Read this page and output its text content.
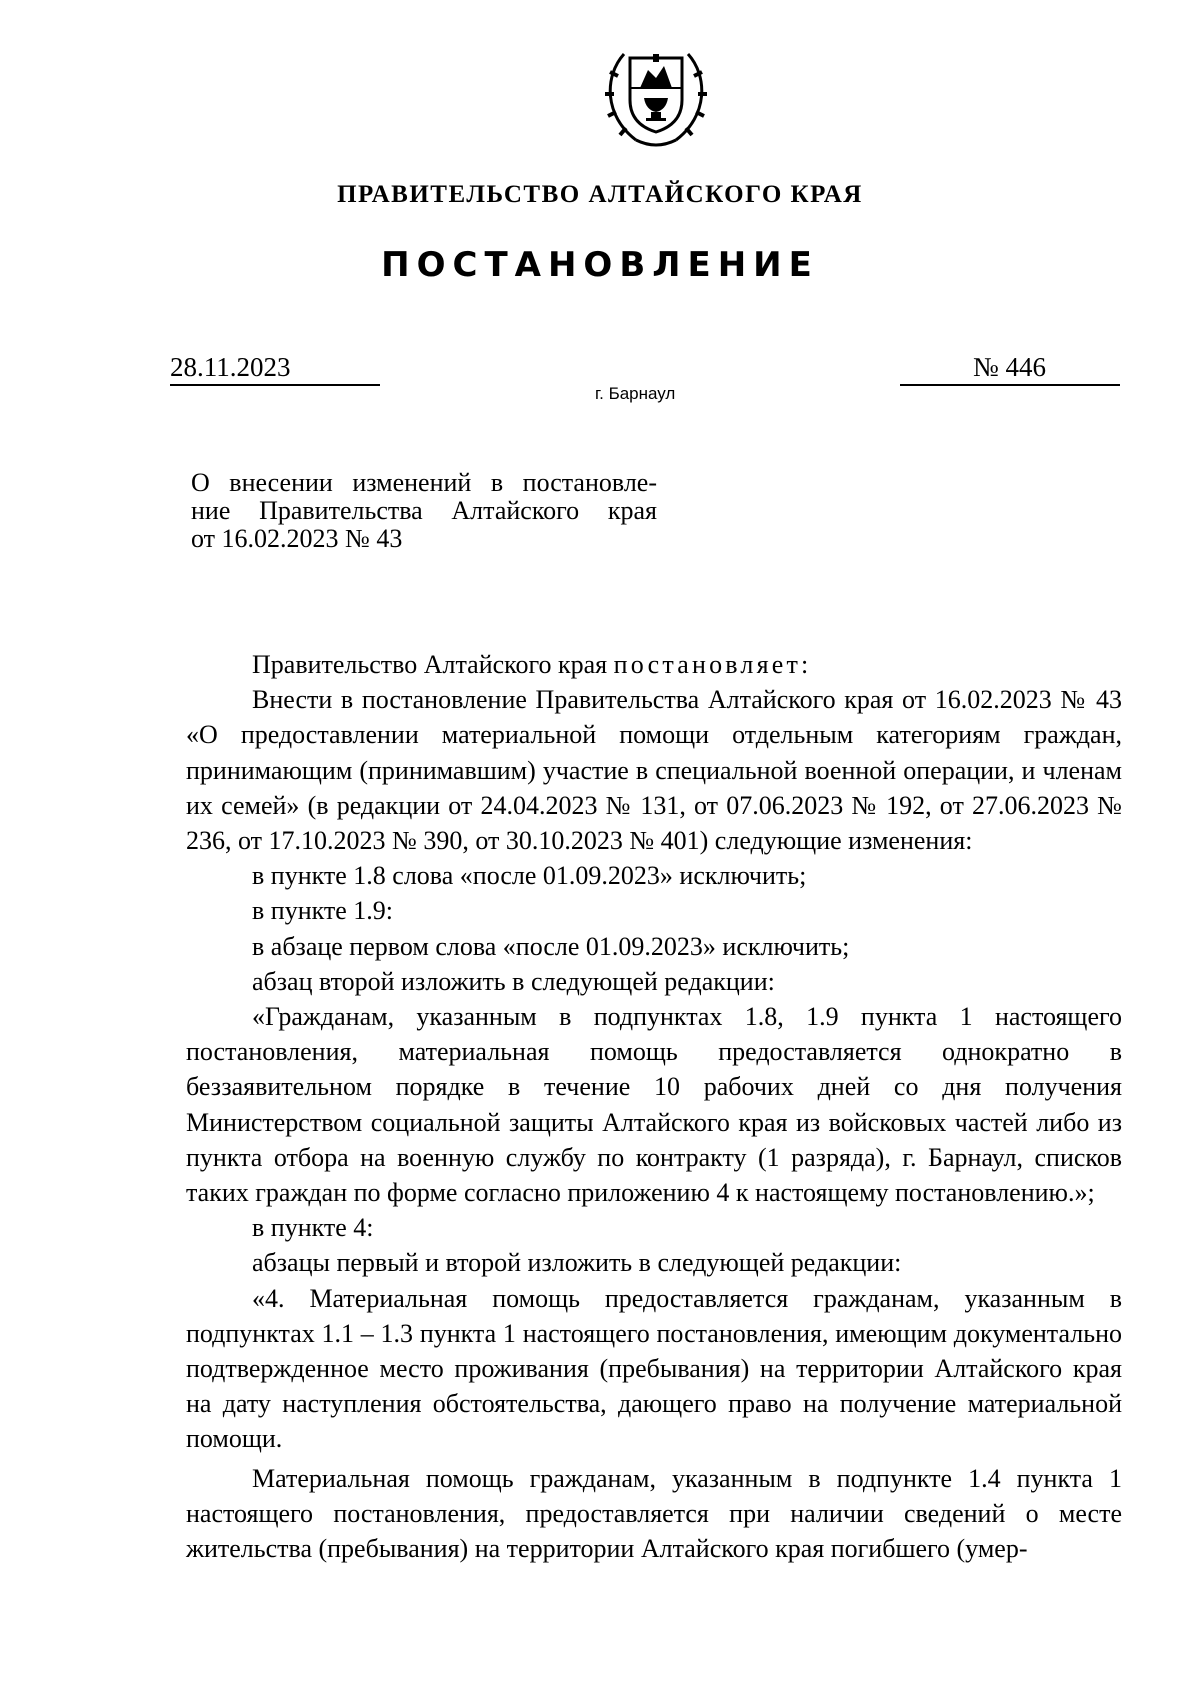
ПРАВИТЕЛЬСТВО АЛТАЙСКОГО КРАЯ
ПОСТАНОВЛЕНИЕ
28.11.2023	№ 446
г. Барнаул
О внесении изменений в постановле-
ние Правительства Алтайского края
от 16.02.2023 № 43

Правительство Алтайского края постановляет:

Внести в постановление Правительства Алтайского края от 16.02.2023 № 43 «О предоставлении материальной помощи отдельным категориям граждан, принимающим (принимавшим) участие в специальной военной операции, и членам их семей» (в редакции от 24.04.2023 № 131, от 07.06.2023 № 192, от 27.06.2023 № 236, от 17.10.2023 № 390, от 30.10.2023 № 401) следующие изменения:

в пункте 1.8 слова «после 01.09.2023» исключить;

в пункте 1.9:

в абзаце первом слова «после 01.09.2023» исключить;

абзац второй изложить в следующей редакции:

«Гражданам, указанным в подпунктах 1.8, 1.9 пункта 1 настоящего постановления, материальная помощь предоставляется однократно в беззаявительном порядке в течение 10 рабочих дней со дня получения Министерством социальной защиты Алтайского края из войсковых частей либо из пункта отбора на военную службу по контракту (1 разряда), г. Барнаул, списков таких граждан по форме согласно приложению 4 к настоящему постановлению.»;

в пункте 4:

абзацы первый и второй изложить в следующей редакции:

«4. Материальная помощь предоставляется гражданам, указанным в подпунктах 1.1 – 1.3 пункта 1 настоящего постановления, имеющим документально подтвержденное место проживания (пребывания) на территории Алтайского края на дату наступления обстоятельства, дающего право на получение материальной помощи.

Материальная помощь гражданам, указанным в подпункте 1.4 пункта 1 настоящего постановления, предоставляется при наличии сведений о месте жительства (пребывания) на территории Алтайского края погибшего (умер-
